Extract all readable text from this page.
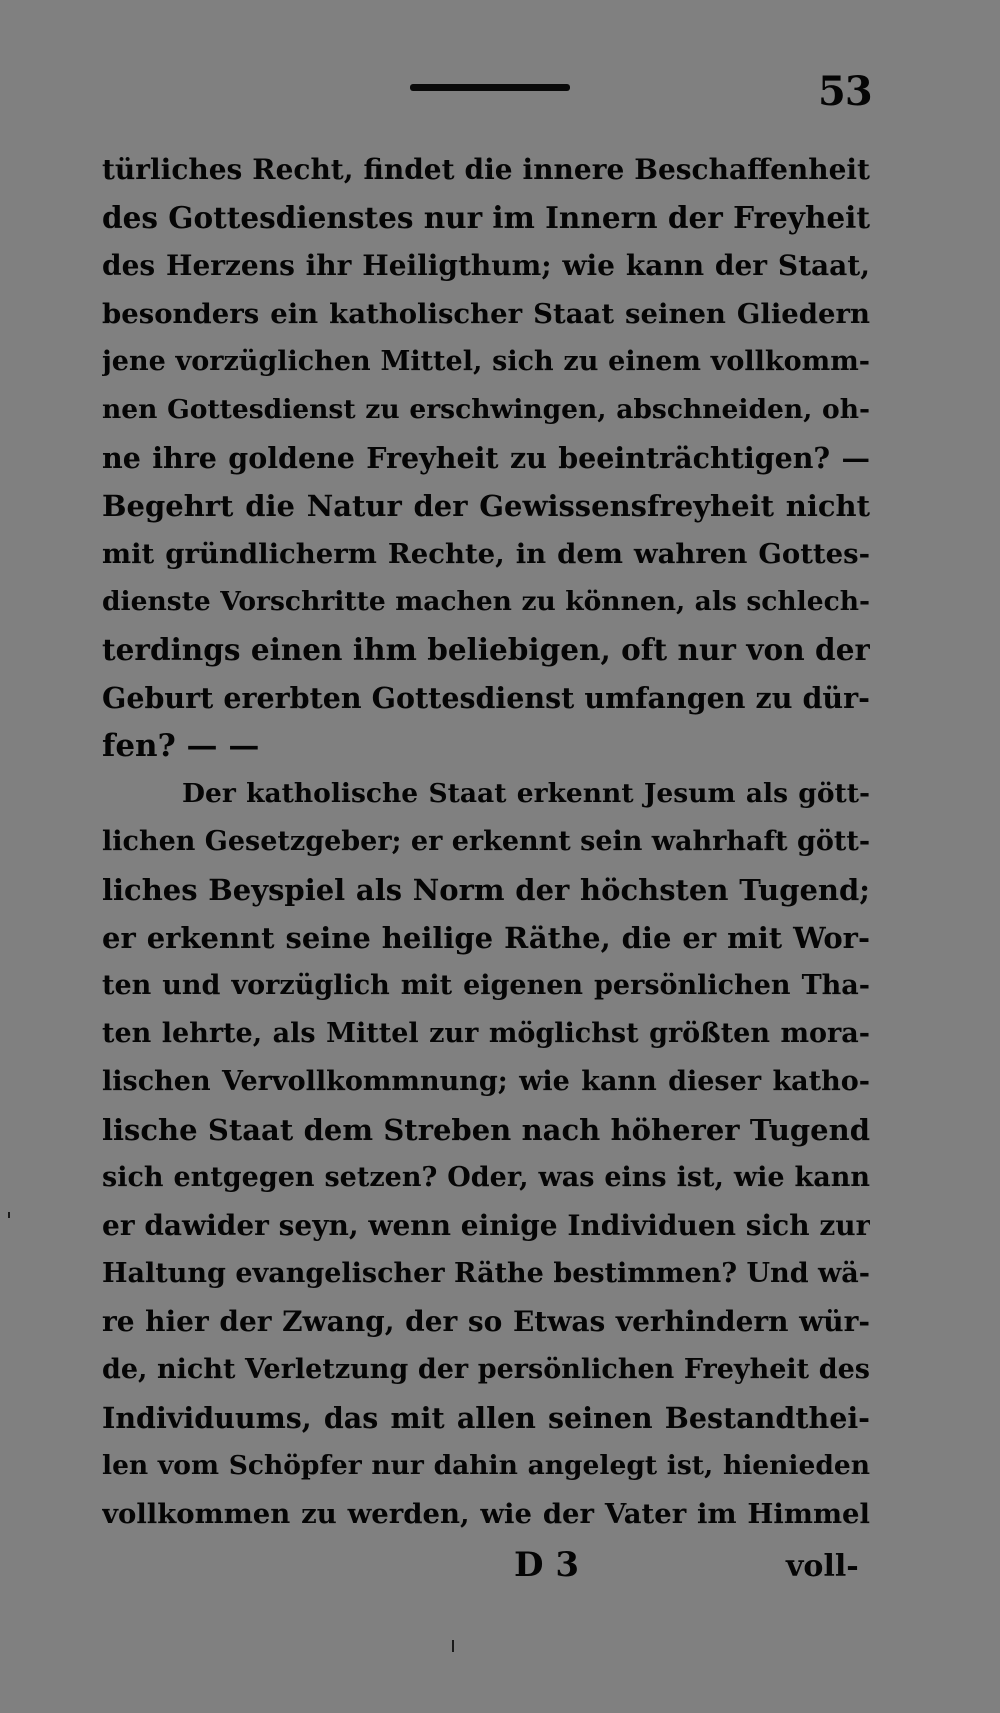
53
türliches Recht, findet die innere Beschaffenheit
des Gottesdienstes nur im Innern der Freyheit
des Herzens ihr Heiligthum; wie kann der Staat,
besonders ein katholischer Staat seinen Gliedern
jene vorzüglichen Mittel, sich zu einem vollkomm-
nen Gottesdienst zu erschwingen, abschneiden, oh-
ne ihre goldene Freyheit zu beeinträchtigen? —
Begehrt die Natur der Gewissensfreyheit nicht
mit gründlicherm Rechte, in dem wahren Gottes-
dienste Vorschritte machen zu können, als schlech-
terdings einen ihm beliebigen, oft nur von der
Geburt ererbten Gottesdienst umfangen zu dür-
fen? — —
Der katholische Staat erkennt Jesum als gött-
lichen Gesetzgeber; er erkennt sein wahrhaft gött-
liches Beyspiel als Norm der höchsten Tugend;
er erkennt seine heilige Räthe, die er mit Wor-
ten und vorzüglich mit eigenen persönlichen Tha-
ten lehrte, als Mittel zur möglichst größten mora-
lischen Vervollkommnung; wie kann dieser katho-
lische Staat dem Streben nach höherer Tugend
sich entgegen setzen? Oder, was eins ist, wie kann
er dawider seyn, wenn einige Individuen sich zur
Haltung evangelischer Räthe bestimmen? Und wä-
re hier der Zwang, der so Etwas verhindern wür-
de, nicht Verletzung der persönlichen Freyheit des
Individuums, das mit allen seinen Bestandthei-
len vom Schöpfer nur dahin angelegt ist, hienieden
vollkommen zu werden, wie der Vater im Himmel
D 3	voll-
